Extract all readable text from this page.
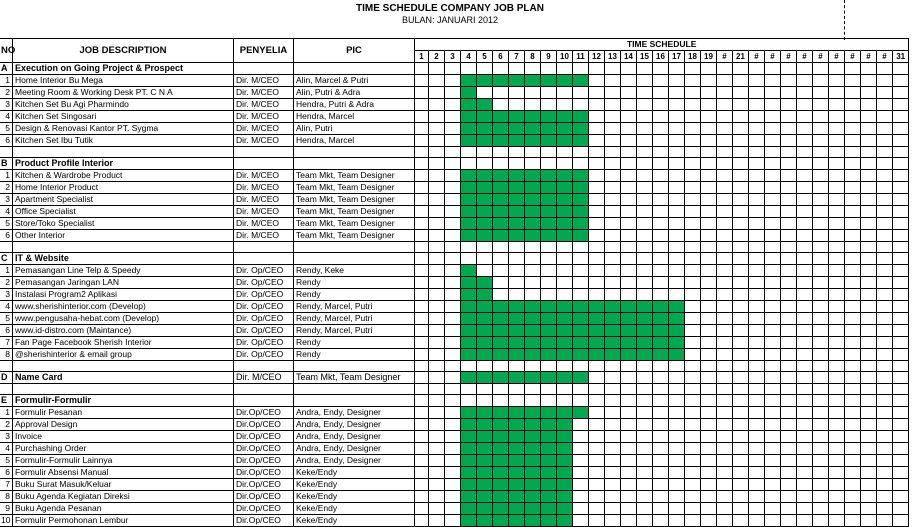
TIME SCHEDULE COMPANY JOB PLAN
BULAN: JANUARI 2012
NO	JOB DESCRIPTION	PENYELIA	PIC	TIME SCHEDULE																														
				1	2	3	4	5	6	7	8	9	10	11	12	13	14	15	16	17	18	19	#	21	#	#	#	#	#	#	#	#	#	31
A	Execution on Going Project & Prospect																																	
1	Home Interior Bu Mega	Dir. M/CEO	Alin, Marcel & Putri																															
2	Meeting Room & Working Desk PT. C N A	Dir. M/CEO	Alin, Putri & Adra																															
3	Kitchen Set Bu Agi Pharmindo	Dir. M/CEO	Hendra, Putri & Adra																															
4	Kitchen Set Singosari	Dir. M/CEO	Hendra, Marcel																															
5	Design & Renovasi Kantor PT. Sygma	Dir. M/CEO	Alin, Putri																															
6	Kitchen Set Ibu Tutik	Dir. M/CEO	Hendra, Marcel																															

B	Product Profile Interior																																	
1	Kitchen & Wardrobe Product	Dir. M/CEO	Team Mkt, Team Designer																															
2	Home Interior Product	Dir. M/CEO	Team Mkt, Team Designer																															
3	Apartment Specialist	Dir. M/CEO	Team Mkt, Team Designer																															
4	Office Specialist	Dir. M/CEO	Team Mkt, Team Designer																															
5	Store/Toko Specialist	Dir. M/CEO	Team Mkt, Team Designer																															
6	Other Interior	Dir. M/CEO	Team Mkt, Team Designer																															

C	IT & Website																																	
1	Pemasangan Line Telp & Speedy	Dir. Op/CEO	Rendy, Keke																															
2	Pemasangan Jaringan LAN	Dir. Op/CEO	Rendy																															
3	Instalasi Program2 Aplikasi	Dir. Op/CEO	Rendy																															
4	www.sherishinterior.com (Develop)	Dir. Op/CEO	Rendy, Marcel, Putri																															
5	www.pengusaha-hebat.com (Develop)	Dir. Op/CEO	Rendy, Marcel, Putri																															
6	www.id-distro.com (Maintance)	Dir. Op/CEO	Rendy, Marcel, Putri																															
7	Fan Page Facebook Sherish Interior	Dir. Op/CEO	Rendy																															
8	@sherishinterior & email group	Dir. Op/CEO	Rendy																															

D	Name Card	Dir. M/CEO	Team Mkt, Team Designer																															

E	Formulir-Formulir																																	
1	Formulir Pesanan	Dir.Op/CEO	Andra, Endy, Designer																															
2	Approval Design	Dir.Op/CEO	Andra, Endy, Designer																															
3	Invoice	Dir.Op/CEO	Andra, Endy, Designer																															
4	Purchashing Order	Dir.Op/CEO	Andra, Endy, Designer																															
5	Formulir-Formulir Lainnya	Dir.Op/CEO	Andra, Endy, Designer																															
6	Formulir Absensi Manual	Dir.Op/CEO	Keke/Endy																															
7	Buku Surat Masuk/Keluar	Dir.Op/CEO	Keke/Endy																															
8	Buku Agenda Kegiatan Direksi	Dir.Op/CEO	Keke/Endy																															
9	Buku Agenda Pesanan	Dir.Op/CEO	Keke/Endy																															
10	Formulir Permohonan Lembur	Dir.Op/CEO	Keke/Endy																															
